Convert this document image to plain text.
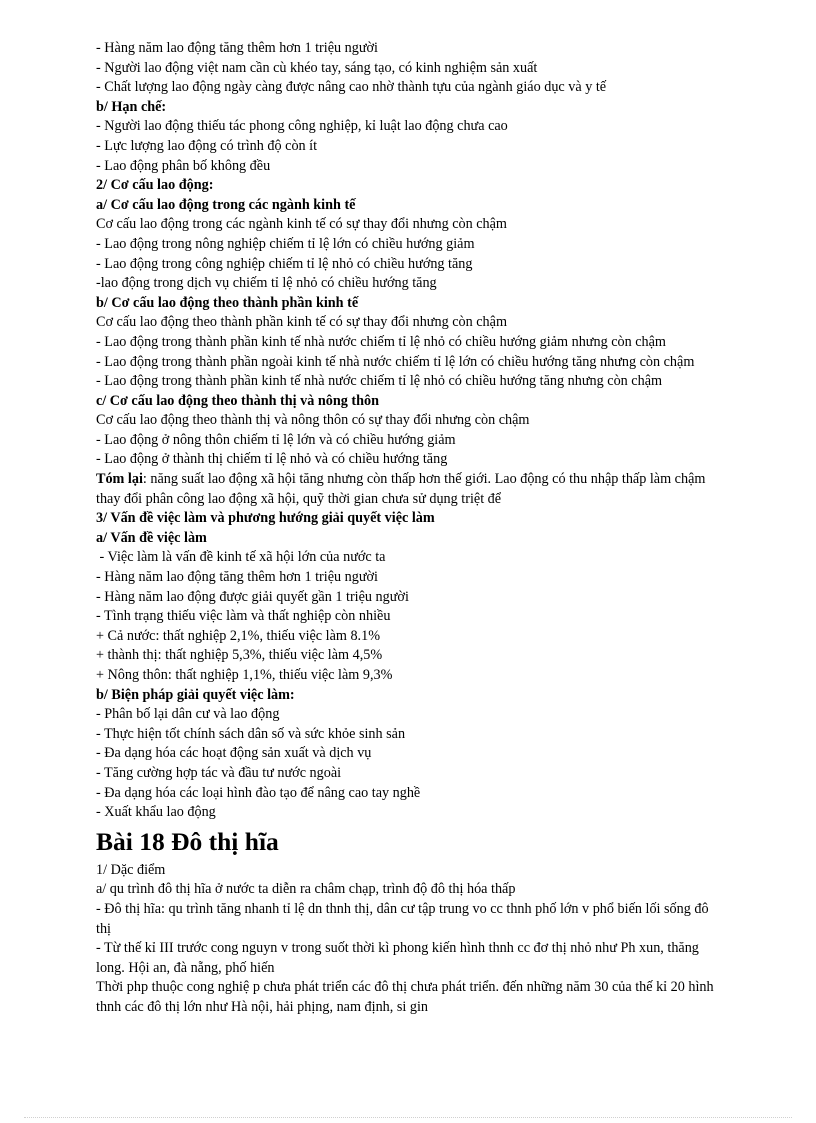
- Hàng năm lao động tăng thêm hơn 1 triệu người
- Người lao động việt nam cần cù khéo tay, sáng tạo, có kinh nghiệm sản xuất
- Chất lượng lao động ngày càng được nâng cao nhờ thành tựu của ngành giáo dục và y tế
b/ Hạn chế:
- Người lao động thiếu tác phong công nghiệp, kỉ luật lao động chưa cao
- Lực lượng lao động có trình độ còn ít
- Lao động phân bố không đều
2/ Cơ cấu lao động:
a/ Cơ cấu lao động trong các ngành kinh tế
Cơ cấu lao động trong các ngành kinh tế có sự thay đổi nhưng còn chậm
- Lao động trong nông nghiệp chiếm tỉ lệ lớn có chiều hướng giảm
- Lao động trong công nghiệp chiếm tỉ lệ nhỏ có chiều hướng tăng
-lao động trong dịch vụ chiếm tỉ lệ nhỏ có chiều hướng tăng
b/ Cơ cấu lao động theo thành phần kinh tế
Cơ cấu lao động theo thành phần kinh tế có sự thay đổi nhưng còn chậm
- Lao động trong thành phần kinh tế nhà nước chiếm tỉ lệ nhỏ có chiều hướng giảm nhưng còn chậm
- Lao động trong thành phần ngoài kinh tế nhà nước chiếm tỉ lệ lớn có chiều hướng tăng nhưng còn chậm
- Lao động trong thành phần kinh tế nhà nước chiếm tỉ lệ nhỏ có chiều hướng tăng nhưng còn chậm
c/ Cơ cấu lao động theo thành thị và nông thôn
Cơ cấu lao động theo thành thị và nông thôn có sự thay đổi nhưng còn chậm
- Lao động ở nông thôn chiếm tỉ lệ lớn và có chiều hướng giảm
- Lao động ở thành thị chiếm tỉ lệ nhỏ và có chiều hướng tăng
Tóm lại: năng suất lao động xã hội tăng nhưng còn thấp hơn thế giới. Lao động có thu nhập thấp làm chậm thay đổi phân công lao động xã hội, quỹ thời gian chưa sử dụng triệt để
3/ Vấn đề việc làm và phương hướng giải quyết việc làm
a/ Vấn đề việc làm
- Việc làm là vấn đề kinh tế xã hội lớn của nước ta
- Hàng năm lao động tăng thêm hơn 1 triệu người
- Hàng năm lao động được giải quyết gần 1 triệu người
- Tình trạng thiếu việc làm và thất nghiệp còn nhiều
+ Cả nước: thất nghiệp 2,1%, thiếu việc làm 8.1%
+ thành thị: thất nghiệp 5,3%, thiếu việc làm 4,5%
+ Nông thôn: thất nghiệp 1,1%, thiếu việc làm 9,3%
b/ Biện pháp giải quyết việc làm:
- Phân bố lại dân cư và lao động
- Thực hiện tốt chính sách dân số và sức khỏe sinh sản
- Đa dạng hóa các hoạt động sản xuất và dịch vụ
- Tăng cường hợp tác và đầu tư nước ngoài
- Đa dạng hóa các loại hình đào tạo để nâng cao tay nghề
- Xuất khẩu lao động
Bài 18 Đô thị hĩa
1/ Dặc điểm
a/ qu trình đô thị hĩa ở nước ta diễn ra châm chạp, trình độ đô thị hóa thấp
- Đô thị hĩa: qu trình tăng nhanh tỉ lệ dn thnh thị, dân cư tập trung vo cc thnh phố lớn v phổ biến lối sống đô thị
- Từ thế kỉ III trước cong nguyn v trong suốt thời kì phong kiến hình thnh cc đơ thị nhỏ như Ph xun, thăng long. Hội an, đà nẵng, phố hiến
Thời php thuộc cong nghiệ p chưa phát triển các đô thị chưa phát triển. đến những năm 30 của thế kỉ 20 hình thnh các đô thị lớn như Hà nội, hải phịng, nam định, si gin
